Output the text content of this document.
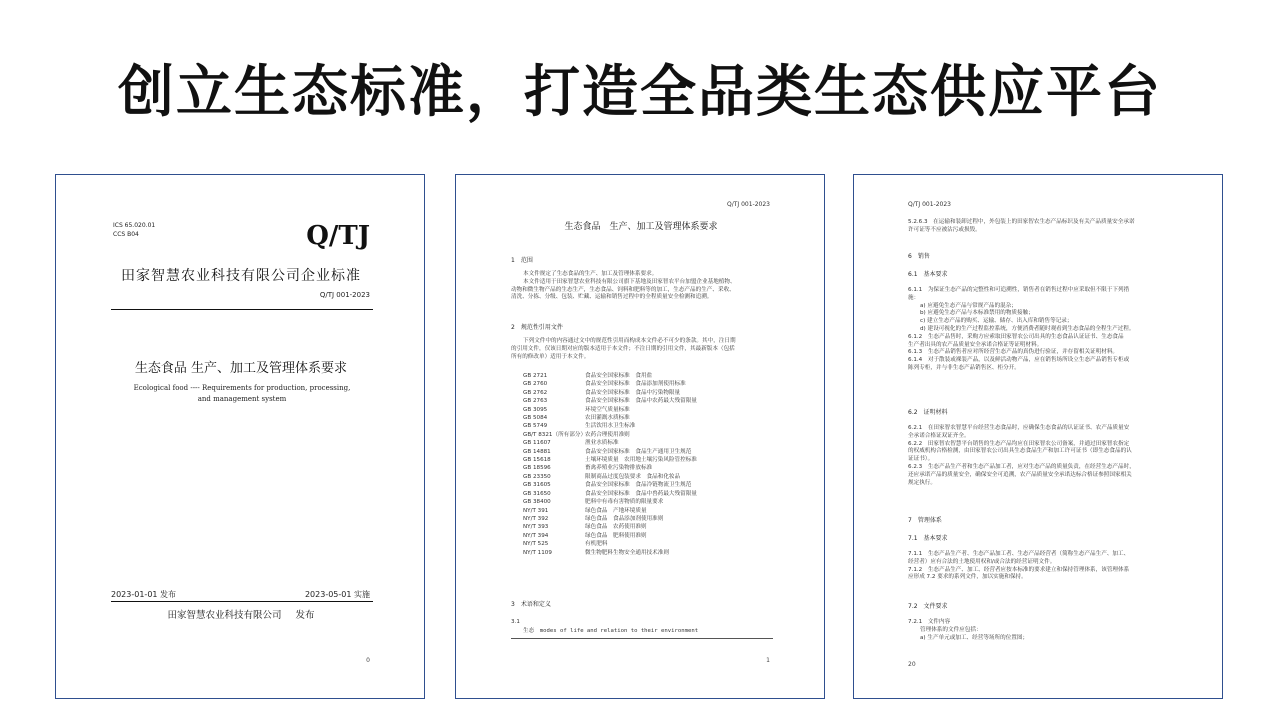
创立生态标准，打造全品类生态供应平台
ICS 65.020.01
CCS B04	Q/TJ
田家智慧农业科技有限公司企业标准
Q/TJ 001-2023
生态食品 生产、加工及管理体系要求
Ecological food ---- Requirements for production, processing, and management system
2023-01-01 发布	2023-05-01 实施
田家智慧农业科技有限公司 发布
0
Q/TJ 001-2023
生态食品　生产、加工及管理体系要求
1　范围
本文件规定了生态食品的生产、加工及管理体系要求。
本文件适用于田家智慧农业科技有限公司旗下基地及田家智农平台加盟企业基地植物、
动物和微生物产品的生态生产，生态食品、饲料和肥料等的加工，生态产品的生产、采收、
清洗、分拣、分级、包装、贮藏、运输和销售过程中的全程质量安全检测和追溯。
2　规范性引用文件
下列文件中的内容通过文中的规范性引用而构成本文件必不可少的条款。其中，注日期
的引用文件，仅该日期对应的版本适用于本文件；不注日期的引用文件，其最新版本（包括
所有的修改单）适用于本文件。
GB 2721	食品安全国家标准　食用盐
GB 2760	食品安全国家标准　食品添加剂使用标准
GB 2762	食品安全国家标准　食品中污染物限量
GB 2763	食品安全国家标准　食品中农药最大残留限量
GB 3095	环境空气质量标准
GB 5084	农田灌溉水质标准
GB 5749	生活饮用水卫生标准
GB/T 8321（所有部分）农药合理使用准则
GB 11607	渔业水质标准
GB 14881	食品安全国家标准　食品生产通用卫生规范
GB 15618	土壤环境质量　农用地土壤污染风险管控标准
GB 18596	畜禽养殖业污染物排放标准
GB 23350	限制商品过度包装要求　食品和化妆品
GB 31605	食品安全国家标准　食品冷链物流卫生规范
GB 31650	食品安全国家标准　食品中兽药最大残留限量
GB 38400	肥料中有毒有害物质的限量要求
NY/T 391	绿色食品　产地环境质量
NY/T 392	绿色食品　食品添加剂使用准则
NY/T 393	绿色食品　农药使用准则
NY/T 394	绿色食品　肥料使用准则
NY/T 525	有机肥料
NY/T 1109	微生物肥料生物安全通用技术准则
3　术语和定义
3.1
生态　modes of life and relation to their environment
1
Q/TJ 001-2023
5.2.6.3　在运输和装卸过程中，外包装上的田家智农生态产品标识及有关产品质量安全承诺
许可证等不应被沾污或损毁。
6　销售
6.1　基本要求
6.1.1　为保证生态产品的完整性和可追溯性，销售者在销售过程中应采取但不限于下列措
施：
a) 应避免生态产品与常规产品的混杂；
b) 应避免生态产品与本标准禁用的物质接触；
c) 建立生态产品的购买、运输、储存、出入库和销售等记录；
d) 建设可视化的生产过程监控系统，方便消费者随时观看到生态食品的全程生产过程。
6.1.2　生态产品售时，采购方应索取田家智农公司出具的生态食品认证证书、生态食品
生产者出具的农产品质量安全承诺合格证等证明材料。
6.1.3　生态产品销售者应对所经营生态产品的真伪进行验证，并存留相关证明材料。
6.1.4　对于散装或裸装产品，以及鲜活动物产品，应在销售场所设立生态产品销售专柜或
陈列专柜，并与非生态产品销售区、柜分开。
6.2　证明材料
6.2.1　在田家智农智慧平台经营生态食品时，应确保生态食品的认证证书、农产品质量安
全承诺合格证双证齐全。
6.2.2　田家智农智慧平台销售的生态产品均应在田家智农公司备案，并通过田家智农指定
的权威机构合格检测，由田家智农公司出具生态食品生产和加工许可证书（即生态食品的认
证证书）。
6.2.3　生态产品生产者和生态产品加工者，应对生态产品的质量负责，在经营生态产品时，
还应承诺产品的质量安全，确保安全可追溯，农产品质量安全承诺达标合格证参照国家相关
规定执行。
7　管理体系
7.1　基本要求
7.1.1　生态产品生产者、生态产品加工者、生态产品经营者（简称生态产品生产、加工、
经营者）应有合法的土地使用权和/或合法的经营证明文件。
7.1.2　生态产品生产、加工、经营者应按本标准的要求建立和保持管理体系，该管理体系
应形成 7.2 要求的系列文件，加以实施和保持。
7.2　文件要求
7.2.1　文件内容
管理体系的文件应包括：
a) 生产单元或加工、经营等场所的位置图；
20
